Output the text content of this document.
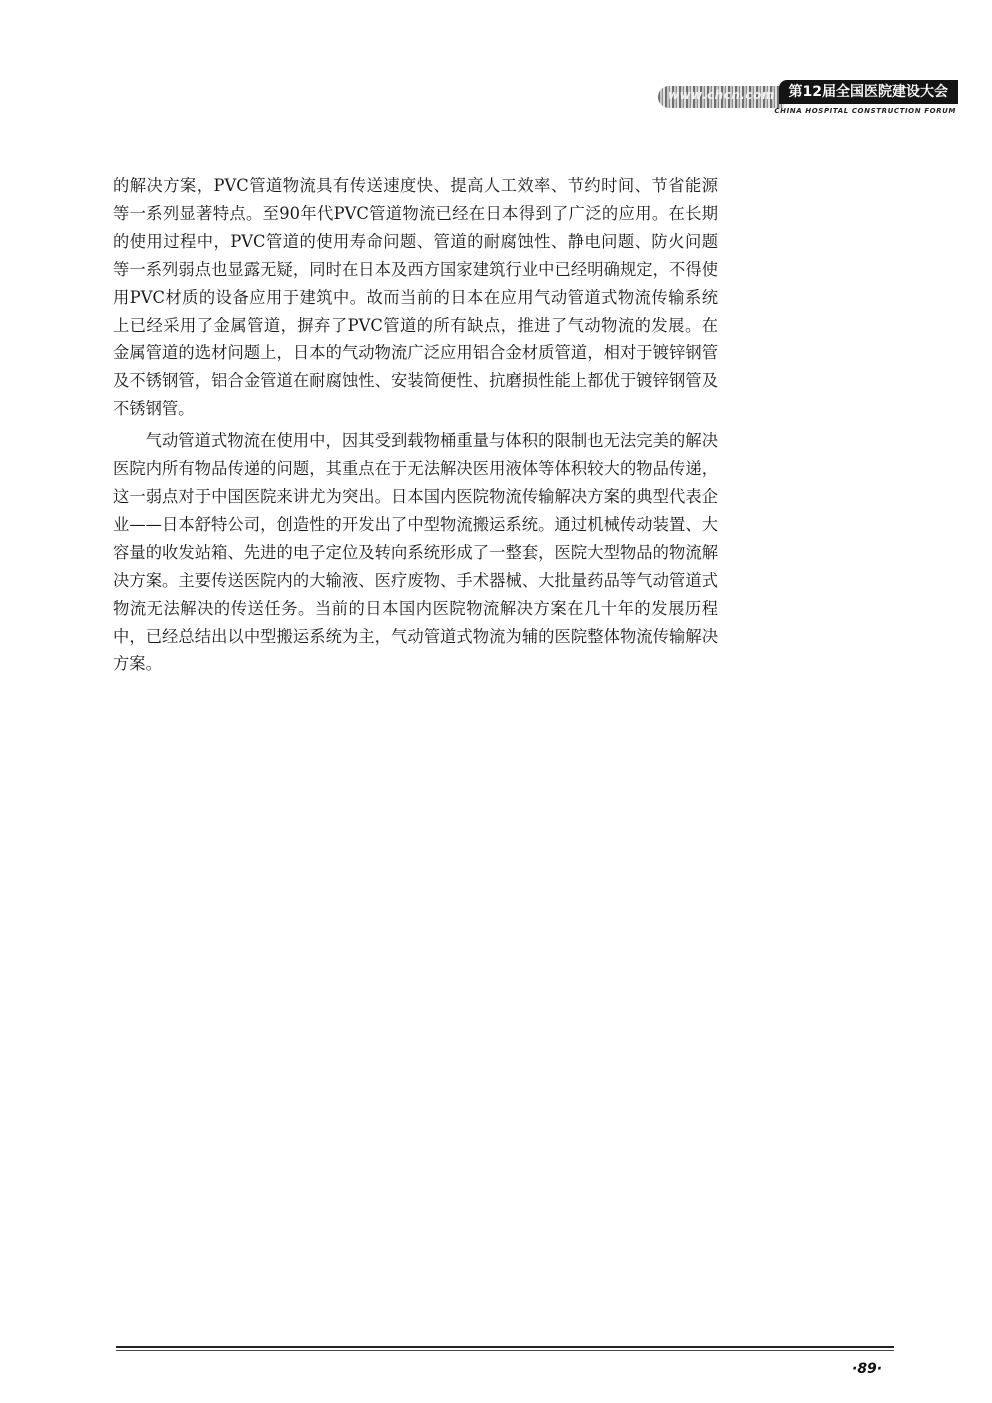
www.chcn.com 第12届全国医院建设大会
CHINA HOSPITAL CONSTRUCTION FORUM

的解决方案，PVC管道物流具有传送速度快、提高人工效率、节约时间、节省能源等一系列显著特点。至90年代PVC管道物流已经在日本得到了广泛的应用。在长期的使用过程中，PVC管道的使用寿命问题、管道的耐腐蚀性、静电问题、防火问题等一系列弱点也显露无疑，同时在日本及西方国家建筑行业中已经明确规定，不得使用PVC材质的设备应用于建筑中。故而当前的日本在应用气动管道式物流传输系统上已经采用了金属管道，摒弃了PVC管道的所有缺点，推进了气动物流的发展。在金属管道的选材问题上，日本的气动物流广泛应用铝合金材质管道，相对于镀锌钢管及不锈钢管，铝合金管道在耐腐蚀性、安装简便性、抗磨损性能上都优于镀锌钢管及不锈钢管。

气动管道式物流在使用中，因其受到载物桶重量与体积的限制也无法完美的解决医院内所有物品传递的问题，其重点在于无法解决医用液体等体积较大的物品传递，这一弱点对于中国医院来讲尤为突出。日本国内医院物流传输解决方案的典型代表企业——日本舒特公司，创造性的开发出了中型物流搬运系统。通过机械传动装置、大容量的收发站箱、先进的电子定位及转向系统形成了一整套，医院大型物品的物流解决方案。主要传送医院内的大输液、医疗废物、手术器械、大批量药品等气动管道式物流无法解决的传送任务。当前的日本国内医院物流解决方案在几十年的发展历程中，已经总结出以中型搬运系统为主，气动管道式物流为辅的医院整体物流传输解决方案。

·89·
